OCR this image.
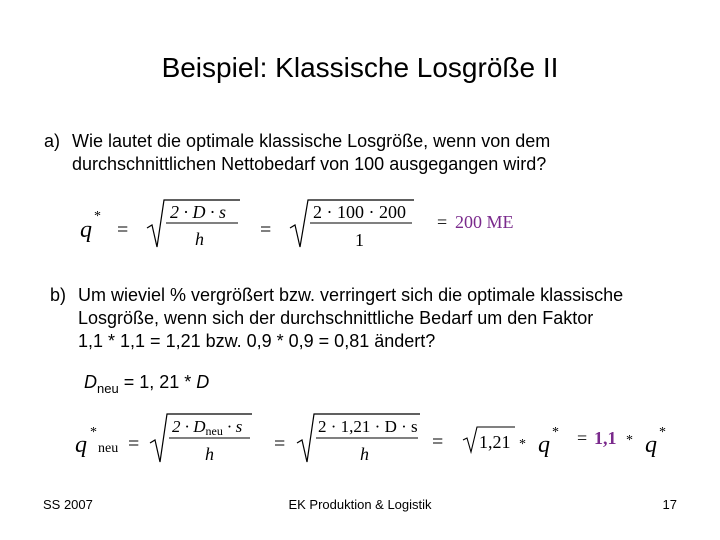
Beispiel: Klassische Losgröße II
a) Wie lautet die optimale klassische Losgröße, wenn von dem
durchschnittlichen Nettobedarf von 100 ausgegangen wird?
q
*
=
2 · D · s
h	=
2 · 100 · 200
1
= 200 ME
b) Um wieviel % vergrößert bzw. verringert sich die optimale klassische
Losgröße, wenn sich der durchschnittliche Bedarf um den Faktor
1,1 * 1,1 = 1,21 bzw. 0,9 * 0,9 = 0,81 ändert?
$D_{neu} = 1$, 21 * D
q *
neu =
2 · Dneu · s
h	=
2 · 1,21 · D · s
h
= 1,21 * q * = 1,1 * q *
SS 2007	EK Produktion & Logistik	17
